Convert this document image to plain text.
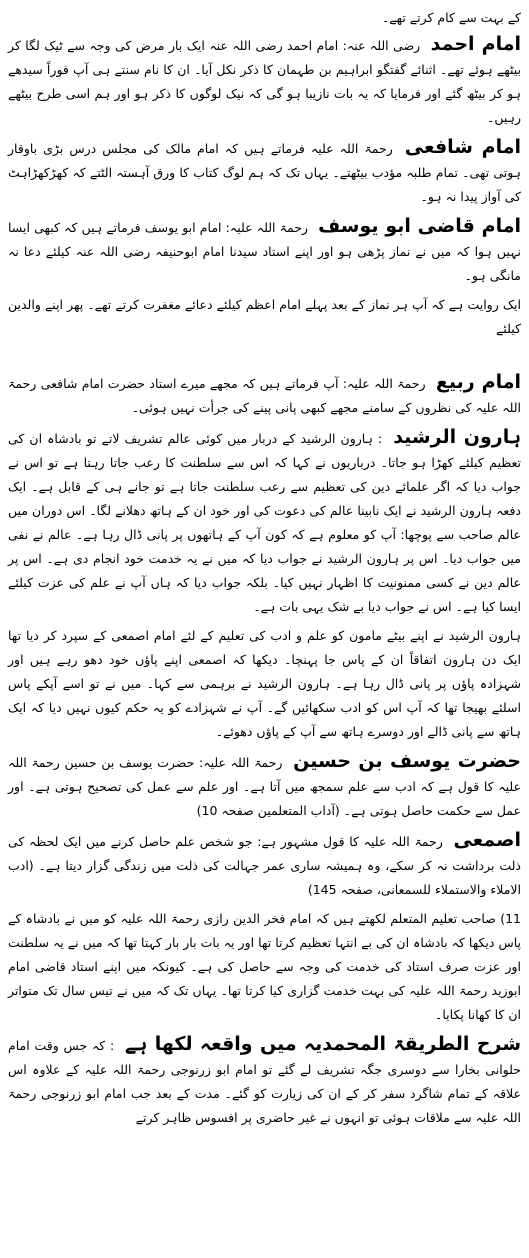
کے بہت سے کام کرتے تھے۔

امام احمد رضی اللہ عنہ: امام احمد رضی اللہ عنہ ایک بار مرض کی وجہ سے ٹیک لگا کر بیٹھے ہوئے تھے۔ اثنائے گفتگو ابراہیم بن طہمان کا ذکر نکل آیا۔ ان کا نام سنتے ہی آپ فوراً سیدھے ہو کر بیٹھ گئے اور فرمایا کہ یہ بات نازیبا ہو گی کہ نیک لوگوں کا ذکر ہو اور ہم اسی طرح بیٹھے رہیں۔

امام شافعی رحمۃ اللہ علیہ فرماتے ہیں کہ امام مالک کی مجلس درس بڑی باوقار ہوتی تھی۔ تمام طلبہ مؤدب بیٹھتے۔ یہاں تک کہ ہم لوگ کتاب کا ورق آہستہ الٹتے کہ کھڑکھڑاہٹ کی آواز پیدا نہ ہو۔

امام قاضی ابو یوسف رحمۃ اللہ علیہ: امام ابو یوسف فرماتے ہیں کہ کبھی ایسا نہیں ہوا کہ میں نے نماز پڑھی ہو اور اپنے استاد سیدنا امام ابوحنیفہ رضی اللہ عنہ کیلئے دعا نہ مانگی ہو۔

ایک روایت ہے کہ آپ ہر نماز کے بعد پہلے امام اعظم کیلئے دعائے مغفرت کرتے تھے۔ پھر اپنے والدین کیلئے

امام ربیع رحمۃ اللہ علیہ: آپ فرماتے ہیں کہ مجھے میرے استاد حضرت امام شافعی رحمۃ اللہ علیہ کی نظروں کے سامنے مجھے کبھی پانی پینے کی جرأت نہیں ہوئی۔

ہارون الرشید : ہارون الرشید کے دربار میں کوئی عالم تشریف لاتے تو بادشاہ ان کی تعظیم کیلئے کھڑا ہو جاتا۔ درباریوں نے کہا کہ اس سے سلطنت کا رعب جاتا رہتا ہے تو اس نے جواب دیا کہ اگر علمائے دین کی تعظیم سے رعب سلطنت جاتا ہے تو جانے ہی کے قابل ہے۔ ایک دفعہ ہارون الرشید نے ایک نابینا عالم کی دعوت کی اور خود ان کے ہاتھ دھلانے لگا۔ اس دوران میں عالم صاحب سے پوچھا: آپ کو معلوم ہے کہ کون آپ کے ہاتھوں پر پانی ڈال رہا ہے۔ عالم نے نفی میں جواب دیا۔ اس پر ہارون الرشید نے جواب دیا کہ میں نے یہ خدمت خود انجام دی ہے۔ اس پر عالم دین نے کسی ممنونیت کا اظہار نہیں کیا۔ بلکہ جواب دیا کہ ہاں آپ نے علم کی عزت کیلئے ایسا کیا ہے۔ اس نے جواب دیا بے شک یہی بات ہے۔

ہارون الرشید نے اپنے بیٹے مامون کو علم و ادب کی تعلیم کے لئے امام اصمعی کے سپرد کر دیا تھا ایک دن ہارون اتفاقاً ان کے پاس جا پہنچا۔ دیکھا کہ اصمعی اپنے پاؤں خود دھو رہے ہیں اور شہزادہ پاؤں پر پانی ڈال رہا ہے۔ ہارون الرشید نے برہمی سے کہا۔ میں نے تو اسے آپکے پاس اسلئے بھیجا تھا کہ آپ اس کو ادب سکھائیں گے۔ آپ نے شہزادے کو یہ حکم کیوں نہیں دیا کہ ایک ہاتھ سے پانی ڈالے اور دوسرے ہاتھ سے آپ کے پاؤں دھوئے۔

حضرت یوسف بن حسین رحمۃ اللہ علیہ: حضرت یوسف بن حسین رحمۃ اللہ علیہ کا قول ہے کہ ادب سے علم سمجھ میں آتا ہے۔ اور علم سے عمل کی تصحیح ہوتی ہے۔ اور عمل سے حکمت حاصل ہوتی ہے۔ (آداب المتعلمین صفحہ 10)

اصمعی رحمۃ اللہ علیہ کا قول مشہور ہے: جو شخص علم حاصل کرنے میں ایک لحظہ کی ذلت برداشت نہ کر سکے، وہ ہمیشہ ساری عمر جہالت کی ذلت میں زندگی گزار دیتا ہے۔ (ادب الاملاء والاستملاء للسمعانی، صفحہ 145)

11) صاحب تعلیم المتعلم لکھتے ہیں کہ امام فخر الدین رازی رحمۃ اللہ علیہ کو میں نے بادشاہ کے پاس دیکھا کہ بادشاہ ان کی بے انتہا تعظیم کرتا تھا اور یہ بات بار بار کہتا تھا کہ میں نے یہ سلطنت اور عزت صرف استاد کی خدمت کی وجہ سے حاصل کی ہے۔ کیونکہ میں اپنے استاد قاضی امام ابوزید رحمۃ اللہ علیہ کی بہت خدمت گزاری کیا کرتا تھا۔ یہاں تک کہ میں نے تیس سال تک متواتر ان کا کھانا پکایا۔

شرح الطریقۃ المحمدیہ میں واقعہ لکھا ہے : کہ جس وقت امام حلوانی بخارا سے دوسری جگہ تشریف لے گئے تو امام ابو زرنوجی رحمۃ اللہ علیہ کے علاوہ اس علاقہ کے تمام شاگرد سفر کر کے ان کی زیارت کو گئے۔ مدت کے بعد جب امام ابو زرنوجی رحمۃ اللہ علیہ سے ملاقات ہوئی تو انہوں نے غیر حاضری پر افسوس ظاہر کرتے
